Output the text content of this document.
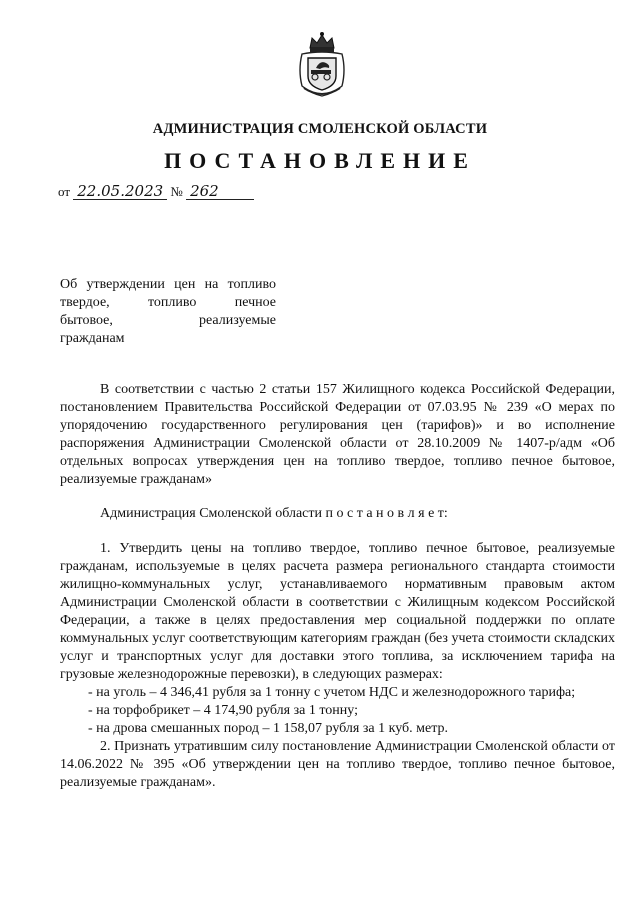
АДМИНИСТРАЦИЯ СМОЛЕНСКОЙ ОБЛАСТИ
ПОСТАНОВЛЕНИЕ
от 22.05.2023 № 262
Об утверждении цен на топливо
твердое, топливо печное
бытовое, реализуемые
гражданам
В соответствии с частью 2 статьи 157 Жилищного кодекса Российской Федерации, постановлением Правительства Российской Федерации от 07.03.95 № 239 «О мерах по упорядочению государственного регулирования цен (тарифов)» и во исполнение распоряжения Администрации Смоленской области от 28.10.2009 № 1407-р/адм «Об отдельных вопросах утверждения цен на топливо твердое, топливо печное бытовое, реализуемые гражданам»
Администрация Смоленской области п о с т а н о в л я е т:

1. Утвердить цены на топливо твердое, топливо печное бытовое, реализуемые гражданам, используемые в целях расчета размера регионального стандарта стоимости жилищно-коммунальных услуг, устанавливаемого нормативным правовым актом Администрации Смоленской области в соответствии с Жилищным кодексом Российской Федерации, а также в целях предоставления мер социальной поддержки по оплате коммунальных услуг соответствующим категориям граждан (без учета стоимости складских услуг и транспортных услуг для доставки этого топлива, за исключением тарифа на грузовые железнодорожные перевозки), в следующих размерах:

- на уголь – 4 346,41 рубля за 1 тонну с учетом НДС и железнодорожного тарифа;

- на торфобрикет – 4 174,90 рубля за 1 тонну;

- на дрова смешанных пород – 1 158,07 рубля за 1 куб. метр.

2. Признать утратившим силу постановление Администрации Смоленской области от 14.06.2022 № 395 «Об утверждении цен на топливо твердое, топливо печное бытовое, реализуемые гражданам».
